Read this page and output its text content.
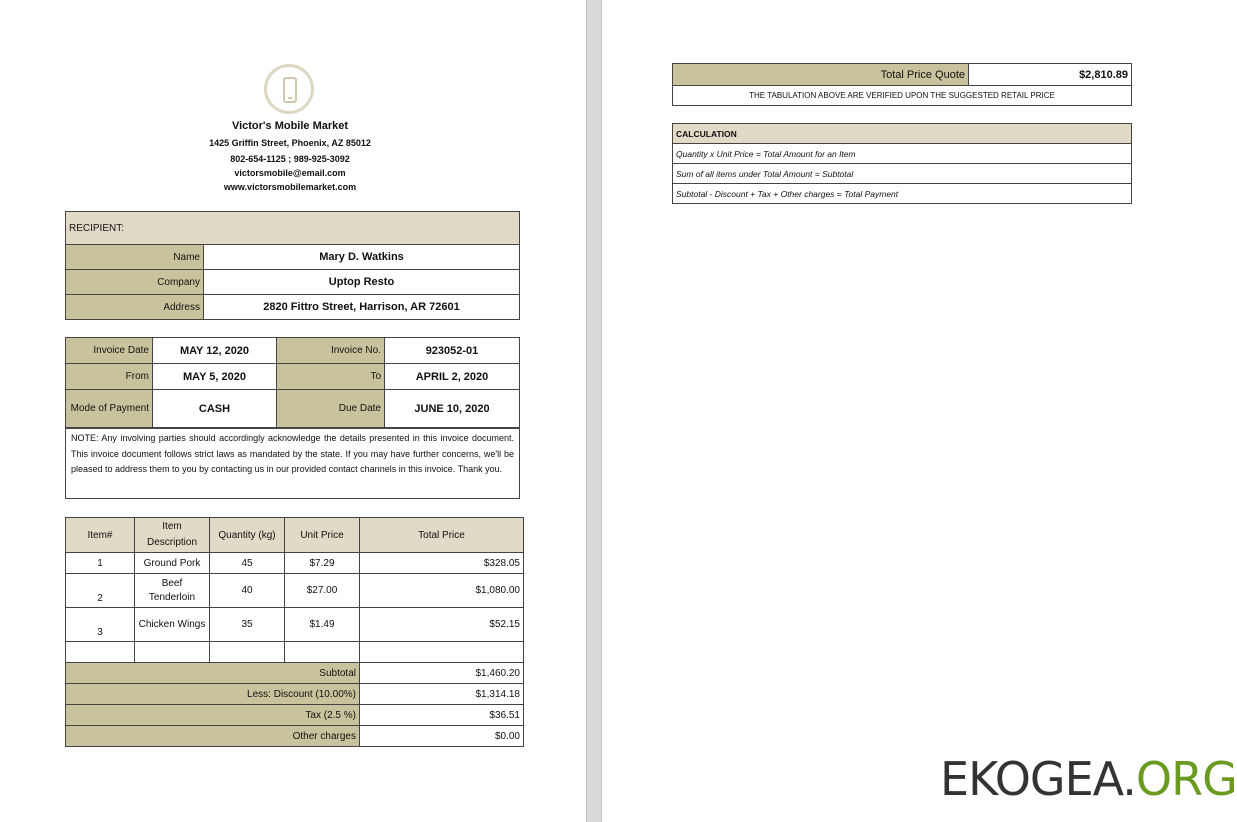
Victor's Mobile Market
1425 Griffin Street, Phoenix, AZ 85012
802-654-1125 ; 989-925-3092
victorsmobile@email.com
www.victorsmobilemarket.com
RECIPIENT:	
Name	Mary D. Watkins
Company	Uptop Resto
Address	2820 Fittro Street, Harrison, AR 72601
Invoice Date	MAY 12, 2020	Invoice No.	923052-01
From	MAY 5, 2020	To	APRIL 2, 2020
Mode of Payment	CASH	Due Date	JUNE 10, 2020
NOTE: Any involving parties should accordingly acknowledge the details presented in this invoice document. This invoice document follows strict laws as mandated by the state. If you may have further concerns, we'll be pleased to address them to you by contacting us in our provided contact channels in this invoice. Thank you.
Item#	Item Description	Quantity (kg)	Unit Price	Total Price
1	Ground Pork	45	$7.29	$328.05
2	Beef Tenderloin	40	$27.00	$1,080.00
3	Chicken Wings	35	$1.49	$52.15

Subtotal				$1,460.20
Less: Discount (10.00%)				$1,314.18
Tax (2.5 %)				$36.51
Other charges				$0.00
Total Price Quote	$2,810.89
THE TABULATION ABOVE ARE VERIFIED UPON THE SUGGESTED RETAIL PRICE
CALCULATION
Quantity x Unit Price = Total Amount for an Item
Sum of all items under Total Amount = Subtotal
Subtotal - Discount + Tax + Other charges = Total Payment
EKOGEA.ORG
